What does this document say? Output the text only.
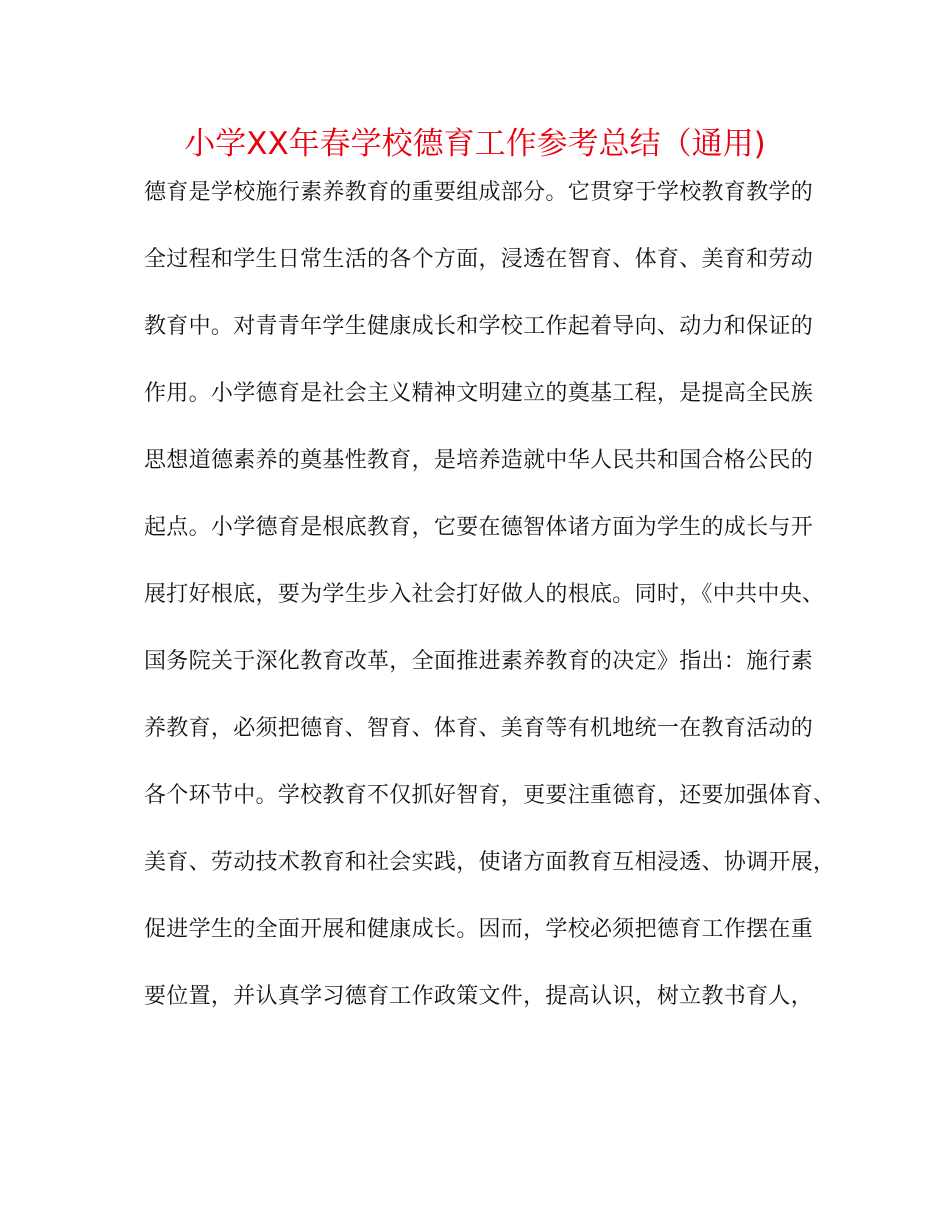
小学XX年春学校德育工作参考总结（通用)
德育是学校施行素养教育的重要组成部分。它贯穿于学校教育教学的
全过程和学生日常生活的各个方面，浸透在智育、体育、美育和劳动
教育中。对青青年学生健康成长和学校工作起着导向、动力和保证的
作用。小学德育是社会主义精神文明建立的奠基工程，是提高全民族
思想道德素养的奠基性教育，是培养造就中华人民共和国合格公民的
起点。小学德育是根底教育，它要在德智体诸方面为学生的成长与开
展打好根底，要为学生步入社会打好做人的根底。同时，《中共中央、
国务院关于深化教育改革，全面推进素养教育的决定》指出：施行素
养教育，必须把德育、智育、体育、美育等有机地统一在教育活动的
各个环节中。学校教育不仅抓好智育，更要注重德育，还要加强体育、
美育、劳动技术教育和社会实践，使诸方面教育互相浸透、协调开展，
促进学生的全面开展和健康成长。因而，学校必须把德育工作摆在重
要位置，并认真学习德育工作政策文件，提高认识，树立教书育人，
